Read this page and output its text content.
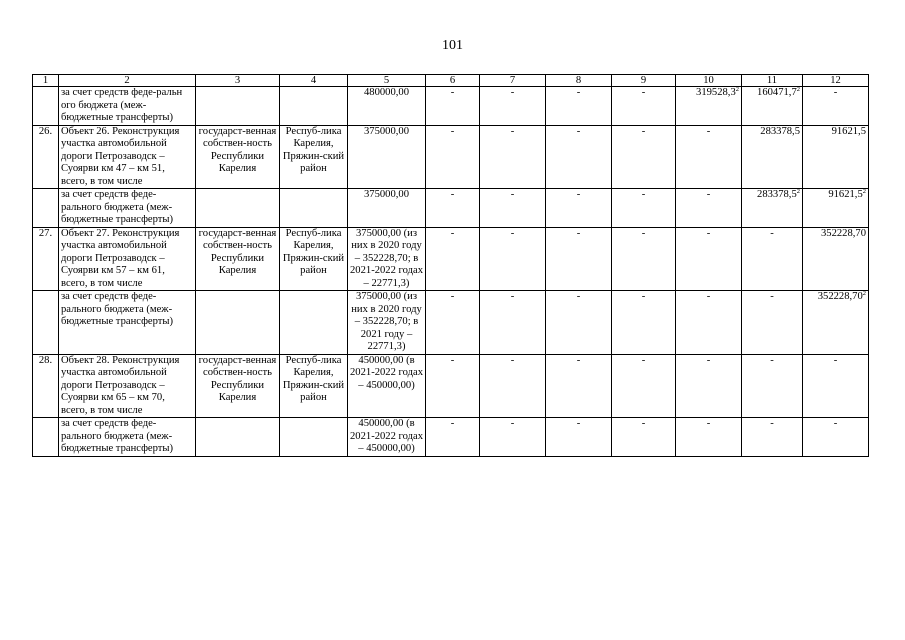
101
1	2	3	4	5	6	7	8	9	10	11	12
	за счет средств феде-ральн ого бюджета (меж-бюджетные трансферты)			480000,00	-	-	-	-	319528,3$^2$	160471,7$^2$	-
26.	Объект 26. Реконструкция участка автомобильной дороги Петрозаводск – Суоярви км 47 – км 51, всего, в том числе	государст-венная собствен-ность Республики Карелия	Респуб-лика Карелия, Пряжин-ский район	375000,00	-	-	-	-	-	283378,5	91621,5
	за счет средств феде-рального бюджета (меж-бюджетные трансферты)			375000,00	-	-	-	-	-	283378,5$^2$	91621,5$^2$
27.	Объект 27. Реконструкция участка автомобильной дороги Петрозаводск – Суоярви км 57 – км 61, всего, в том числе	государст-венная собствен-ность Республики Карелия	Респуб-лика Карелия, Пряжин-ский район	375000,00 (из них в 2020 году – 352228,70; в 2021-2022 годах – 22771,3)	-	-	-	-	-	-	352228,70
	за счет средств феде-рального бюджета (меж-бюджетные трансферты)			375000,00 (из них в 2020 году – 352228,70; в 2021 году – 22771,3)	-	-	-	-	-	-	352228,70$^2$
28.	Объект 28. Реконструкция участка автомобильной дороги Петрозаводск – Суоярви км 65 – км 70, всего, в том числе	государст-венная собствен-ность Республики Карелия	Респуб-лика Карелия, Пряжин-ский район	450000,00 (в 2021-2022 годах – 450000,00)	-	-	-	-	-	-	-
	за счет средств феде-рального бюджета (меж-бюджетные трансферты)			450000,00 (в 2021-2022 годах – 450000,00)	-	-	-	-	-	-	-
